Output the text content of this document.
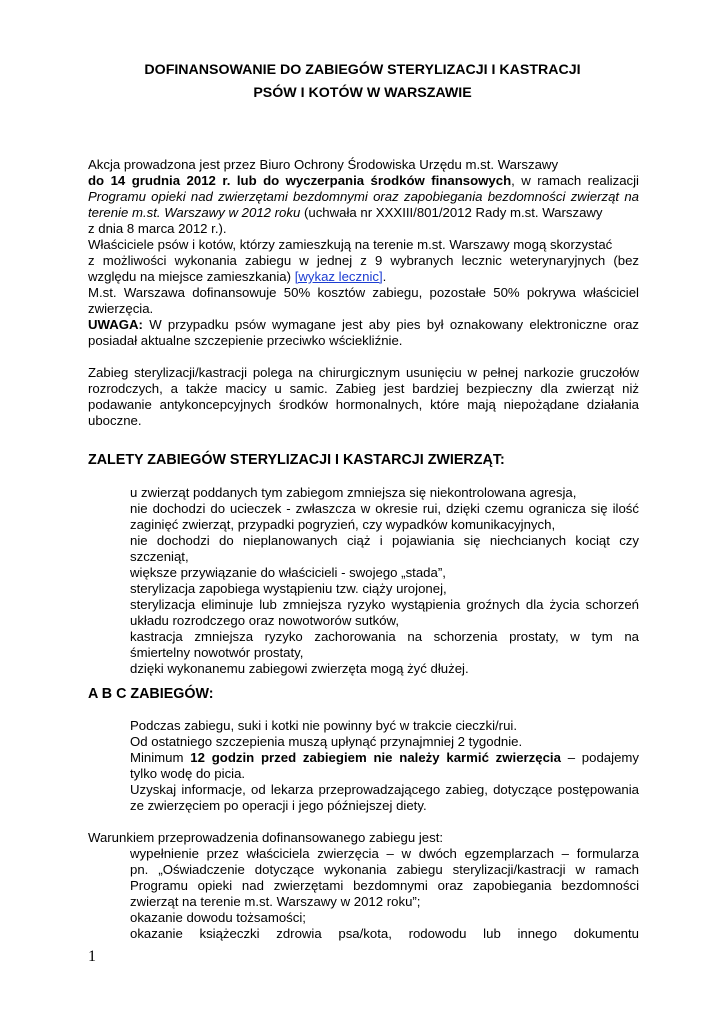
DOFINANSOWANIE DO ZABIEGÓW STERYLIZACJI I KASTRACJI
PSÓW I KOTÓW W WARSZAWIE
Akcja prowadzona jest przez Biuro Ochrony Środowiska Urzędu m.st. Warszawy
do 14 grudnia 2012 r. lub do wyczerpania środków finansowych, w ramach realizacji
Programu opieki nad zwierzętami bezdomnymi oraz zapobiegania bezdomności zwierząt na
terenie m.st. Warszawy w 2012 roku (uchwała nr XXXIII/801/2012 Rady m.st. Warszawy
z dnia 8 marca 2012 r.).
Właściciele psów i kotów, którzy zamieszkują na terenie m.st. Warszawy mogą skorzystać
z możliwości wykonania zabiegu w jednej z 9 wybranych lecznic weterynaryjnych (bez
względu na miejsce zamieszkania) [wykaz lecznic].
M.st. Warszawa dofinansowuje 50% kosztów zabiegu, pozostałe 50% pokrywa właściciel
zwierzęcia.
UWAGA: W przypadku psów wymagane jest aby pies był oznakowany elektroniczne oraz
posiadał aktualne szczepienie przeciwko wściekliźnie.
Zabieg sterylizacji/kastracji polega na chirurgicznym usunięciu w pełnej narkozie gruczołów
rozrodczych, a także macicy u samic. Zabieg jest bardziej bezpieczny dla zwierząt niż
podawanie antykoncepcyjnych środków hormonalnych, które mają niepożądane działania
uboczne.
ZALETY ZABIEGÓW STERYLIZACJI I KASTARCJI ZWIERZĄT:
u zwierząt poddanych tym zabiegom zmniejsza się niekontrolowana agresja,
nie dochodzi do ucieczek - zwłaszcza w okresie rui, dzięki czemu ogranicza się ilość
zaginięć zwierząt, przypadki pogryzień, czy wypadków komunikacyjnych,
nie dochodzi do nieplanowanych ciąż i pojawiania się niechcianych kociąt czy
szczeniąt,
większe przywiązanie do właścicieli - swojego „stada”,
sterylizacja zapobiega wystąpieniu tzw. ciąży urojonej,
sterylizacja eliminuje lub zmniejsza ryzyko wystąpienia groźnych dla życia schorzeń
układu rozrodczego oraz nowotworów sutków,
kastracja zmniejsza ryzyko zachorowania na schorzenia prostaty, w tym na
śmiertelny nowotwór prostaty,
dzięki wykonanemu zabiegowi zwierzęta mogą żyć dłużej.
A B C ZABIEGÓW:
Podczas zabiegu, suki i kotki nie powinny być w trakcie cieczki/rui.
Od ostatniego szczepienia muszą upłynąć przynajmniej 2 tygodnie.
Minimum 12 godzin przed zabiegiem nie należy karmić zwierzęcia – podajemy
tylko wodę do picia.
Uzyskaj informacje, od lekarza przeprowadzającego zabieg, dotyczące postępowania
ze zwierzęciem po operacji i jego późniejszej diety.
Warunkiem przeprowadzenia dofinansowanego zabiegu jest:
wypełnienie przez właściciela zwierzęcia – w dwóch egzemplarzach – formularza
pn. „Oświadczenie dotyczące wykonania zabiegu sterylizacji/kastracji w ramach
Programu opieki nad zwierzętami bezdomnymi oraz zapobiegania bezdomności
zwierząt na terenie m.st. Warszawy w 2012 roku”;
okazanie dowodu tożsamości;
okazanie książeczki zdrowia psa/kota, rodowodu lub innego dokumentu
1
